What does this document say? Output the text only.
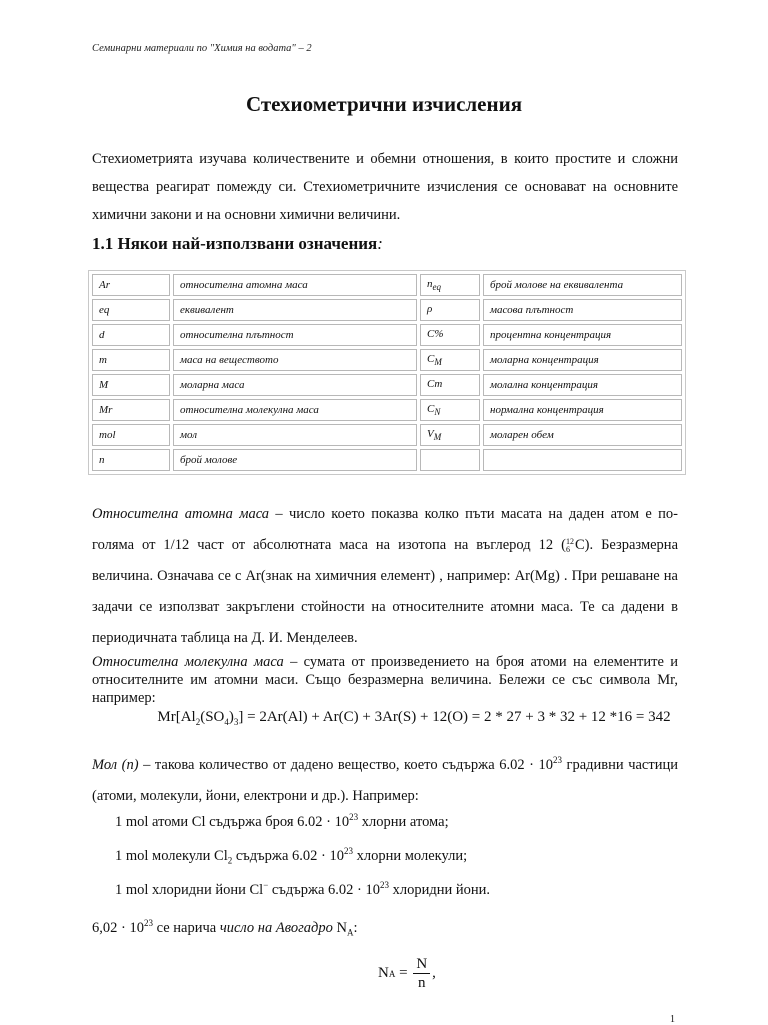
Семинарни материали по "Химия на водата" – 2
Стехиометрични изчисления
Стехиометрията изучава количествените и обемни отношения, в които простите и сложни вещества реагират помежду си. Стехиометричните изчисления се основават на основните химични закони и на основни химични величини.
1.1 Някои най-използвани означения:
Ar	относителна атомна маса	$n_{eq}$	брой молове на еквивалента
eq	еквивалент	ρ	масова плътност
d	относителна плътност	C%	процентна концентрация
m	маса на веществото	$C_M$	моларна концентрация
M	моларна маса	Cm	молална концентрация
Mr	относителна молекулна маса	$C_N$	нормална концентрация
mol	мол	$V_M$	моларен обем
n	брой молове		
Относителна атомна маса – число което показва колко пъти масата на даден атом е по-голяма от 1/12 част от абсолютната маса на изотопа на въглерод 12 ( 12
6 C). Безразмерна величина. Означава се с Ar(знак на химичния елемент) , например: Ar(Mg) . При решаване на задачи се използват закръглени стойности на относителните атомни маса. Те са дадени в периодичната таблица на Д. И. Менделеев.
Относителна молекулна маса – сумата от произведението на броя атоми на елементите и относителните им атомни маси. Също безразмерна величина. Бележи се със символа Mr, например:
$Mr[Al_2(SO_4)_3] = 2Ar(Al) + Ar(C) + 3Ar(S) + 12(O) = 2 * 27 + 3 * 32 + 12$ *16 = 342
Мол (n) – такова количество от дадено вещество, което съдържа $6.02 \cdot 10^{23}$ градивни частици (атоми, молекули, йони, електрони и др.). Например:
1 mol атоми Cl съдържа броя $6.02 \cdot 10^{23}$ хлорни атома;
1 mol молекули $Cl_2$ съдържа $6.02 \cdot 10^{23}$ хлорни молекули;
1 mol хлоридни йони Cl− съдържа $6.02 \cdot 10^{23}$ хлоридни йони.
$6,02 \cdot 10^{23}$ се нарича число на Авогадро $N_A$:
N $A = \frac{N}{n}$ ,
1
